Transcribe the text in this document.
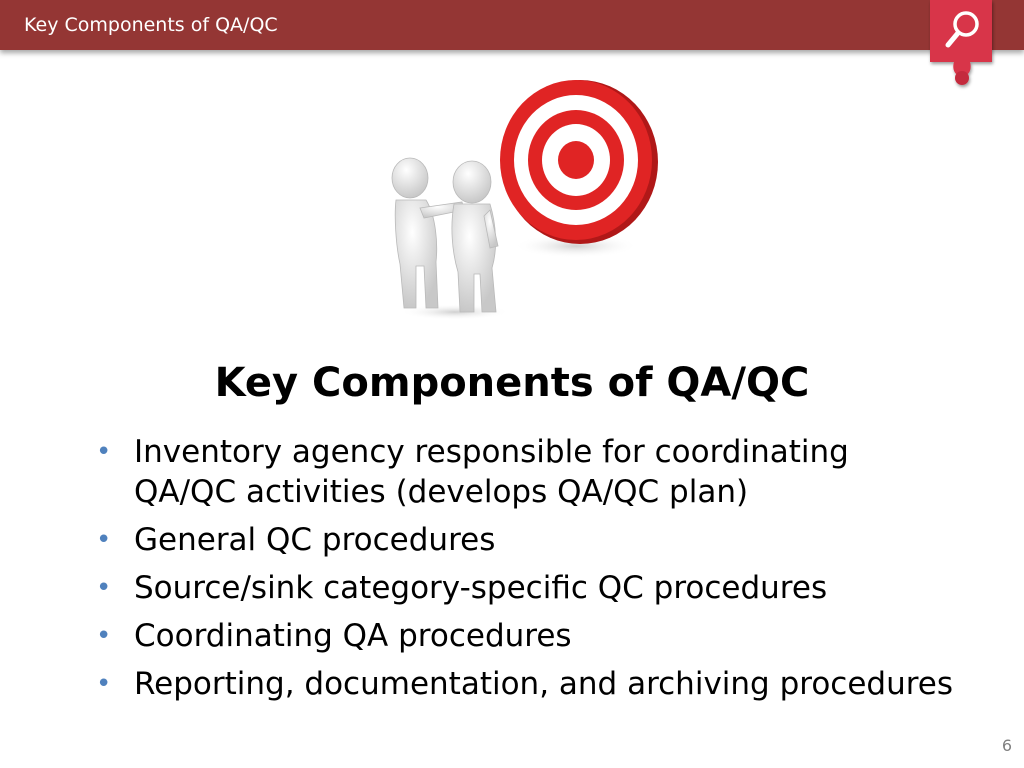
Key Components of QA/QC
Key Components of QA/QC
• Inventory agency responsible for coordinating QA/QC activities (develops QA/QC plan)
• General QC procedures
• Source/sink category-specific QC procedures
• Coordinating QA procedures
• Reporting, documentation, and archiving procedures
6
